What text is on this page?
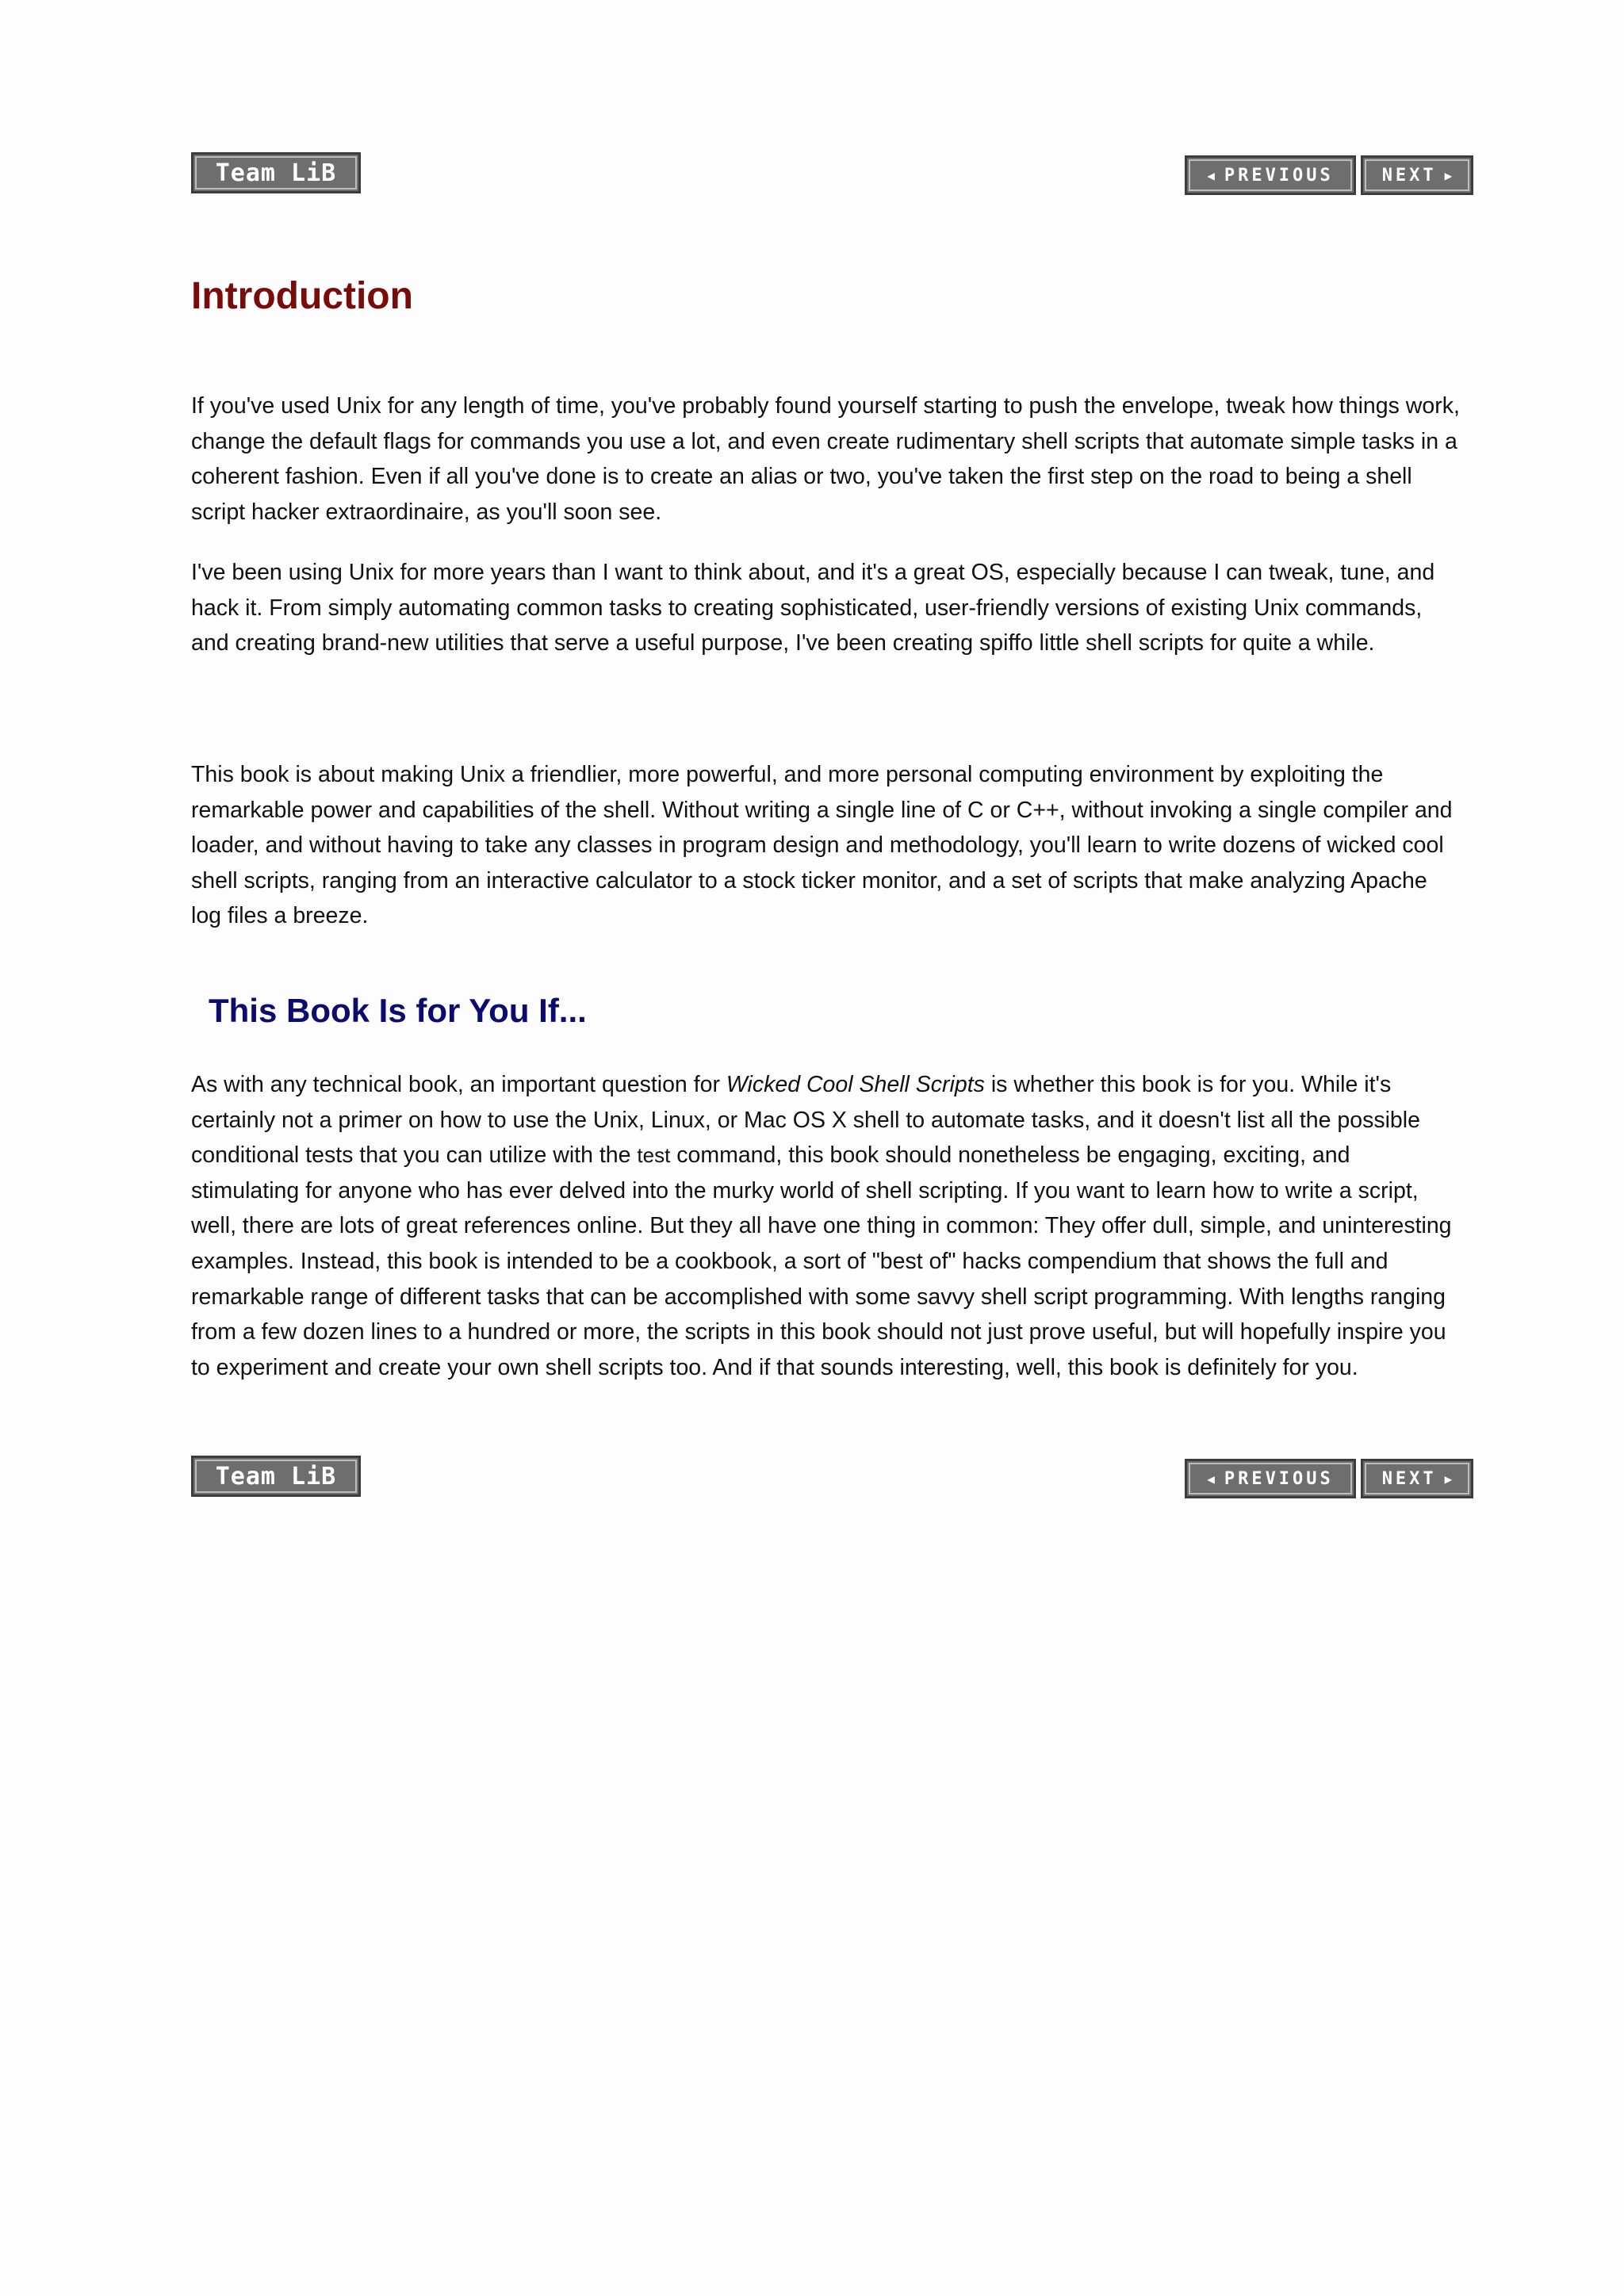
Team LiB	◀ PREVIOUS	NEXT ▶
Introduction

If you've used Unix for any length of time, you've probably found yourself starting to push the envelope, tweak how things work, change the default flags for commands you use a lot, and even create rudimentary shell scripts that automate simple tasks in a coherent fashion. Even if all you've done is to create an alias or two, you've taken the first step on the road to being a shell script hacker extraordinaire, as you'll soon see.

I've been using Unix for more years than I want to think about, and it's a great OS, especially because I can tweak, tune, and hack it. From simply automating common tasks to creating sophisticated, user-friendly versions of existing Unix commands, and creating brand-new utilities that serve a useful purpose, I've been creating spiffo little shell scripts for quite a while.

This book is about making Unix a friendlier, more powerful, and more personal computing environment by exploiting the remarkable power and capabilities of the shell. Without writing a single line of C or C++, without invoking a single compiler and loader, and without having to take any classes in program design and methodology, you'll learn to write dozens of wicked cool shell scripts, ranging from an interactive calculator to a stock ticker monitor, and a set of scripts that make analyzing Apache log files a breeze.

This Book Is for You If...

As with any technical book, an important question for Wicked Cool Shell Scripts is whether this book is for you. While it's certainly not a primer on how to use the Unix, Linux, or Mac OS X shell to automate tasks, and it doesn't list all the possible conditional tests that you can utilize with the test command, this book should nonetheless be engaging, exciting, and stimulating for anyone who has ever delved into the murky world of shell scripting. If you want to learn how to write a script, well, there are lots of great references online. But they all have one thing in common: They offer dull, simple, and uninteresting examples. Instead, this book is intended to be a cookbook, a sort of "best of" hacks compendium that shows the full and remarkable range of different tasks that can be accomplished with some savvy shell script programming. With lengths ranging from a few dozen lines to a hundred or more, the scripts in this book should not just prove useful, but will hopefully inspire you to experiment and create your own shell scripts too. And if that sounds interesting, well, this book is definitely for you.

Team LiB	◀ PREVIOUS	NEXT ▶
